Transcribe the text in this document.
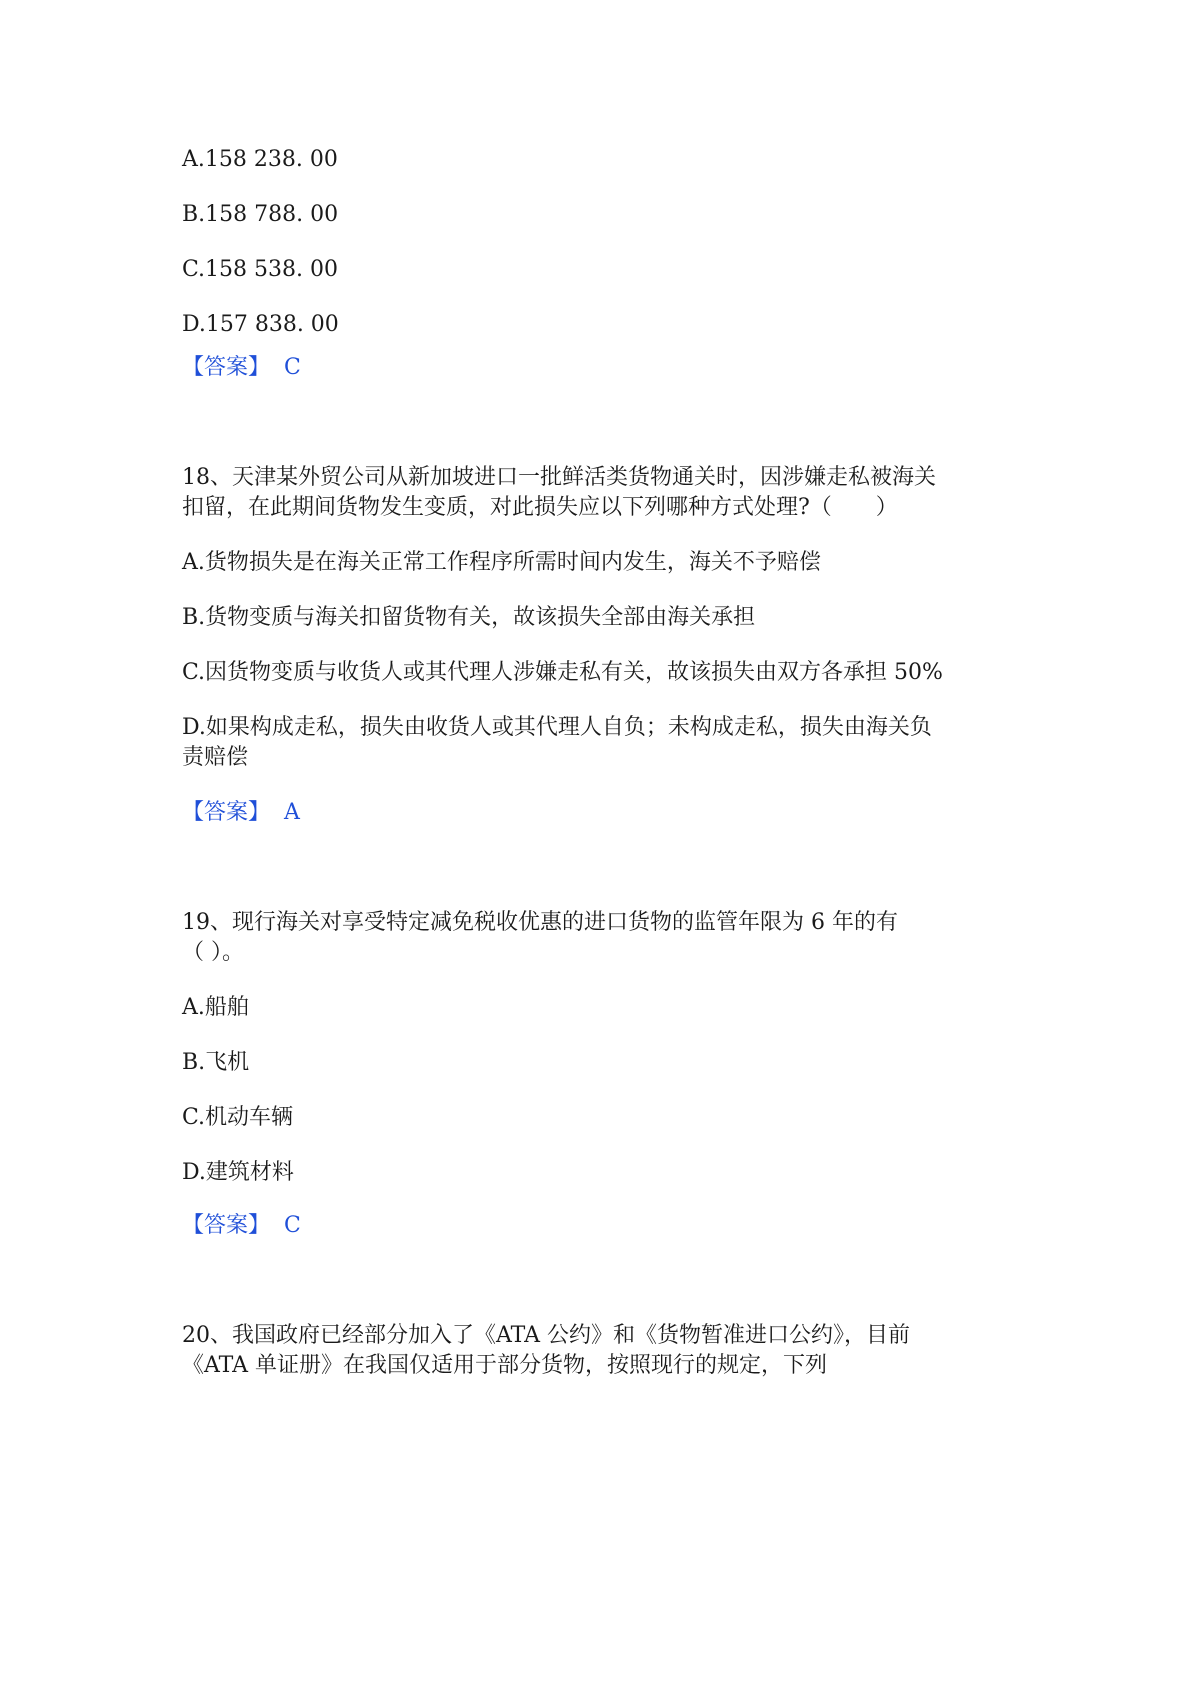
A.158 238. 00
B.158 788. 00
C.158 538. 00
D.157 838. 00
【答案】 C
18、天津某外贸公司从新加坡进口一批鲜活类货物通关时，因涉嫌走私被海关
扣留，在此期间货物发生变质，对此损失应以下列哪种方式处理?（　　）
A.货物损失是在海关正常工作程序所需时间内发生，海关不予赔偿
B.货物变质与海关扣留货物有关，故该损失全部由海关承担
C.因货物变质与收货人或其代理人涉嫌走私有关，故该损失由双方各承担 50%
D.如果构成走私，损失由收货人或其代理人自负；未构成走私，损失由海关负
责赔偿
【答案】 A
19、现行海关对享受特定减免税收优惠的进口货物的监管年限为 6 年的有
（ ）。
A.船舶
B.飞机
C.机动车辆
D.建筑材料
【答案】 C
20、我国政府已经部分加入了《ATA 公约》和《货物暂准进口公约》，目前
《ATA 单证册》在我国仅适用于部分货物，按照现行的规定，下列
